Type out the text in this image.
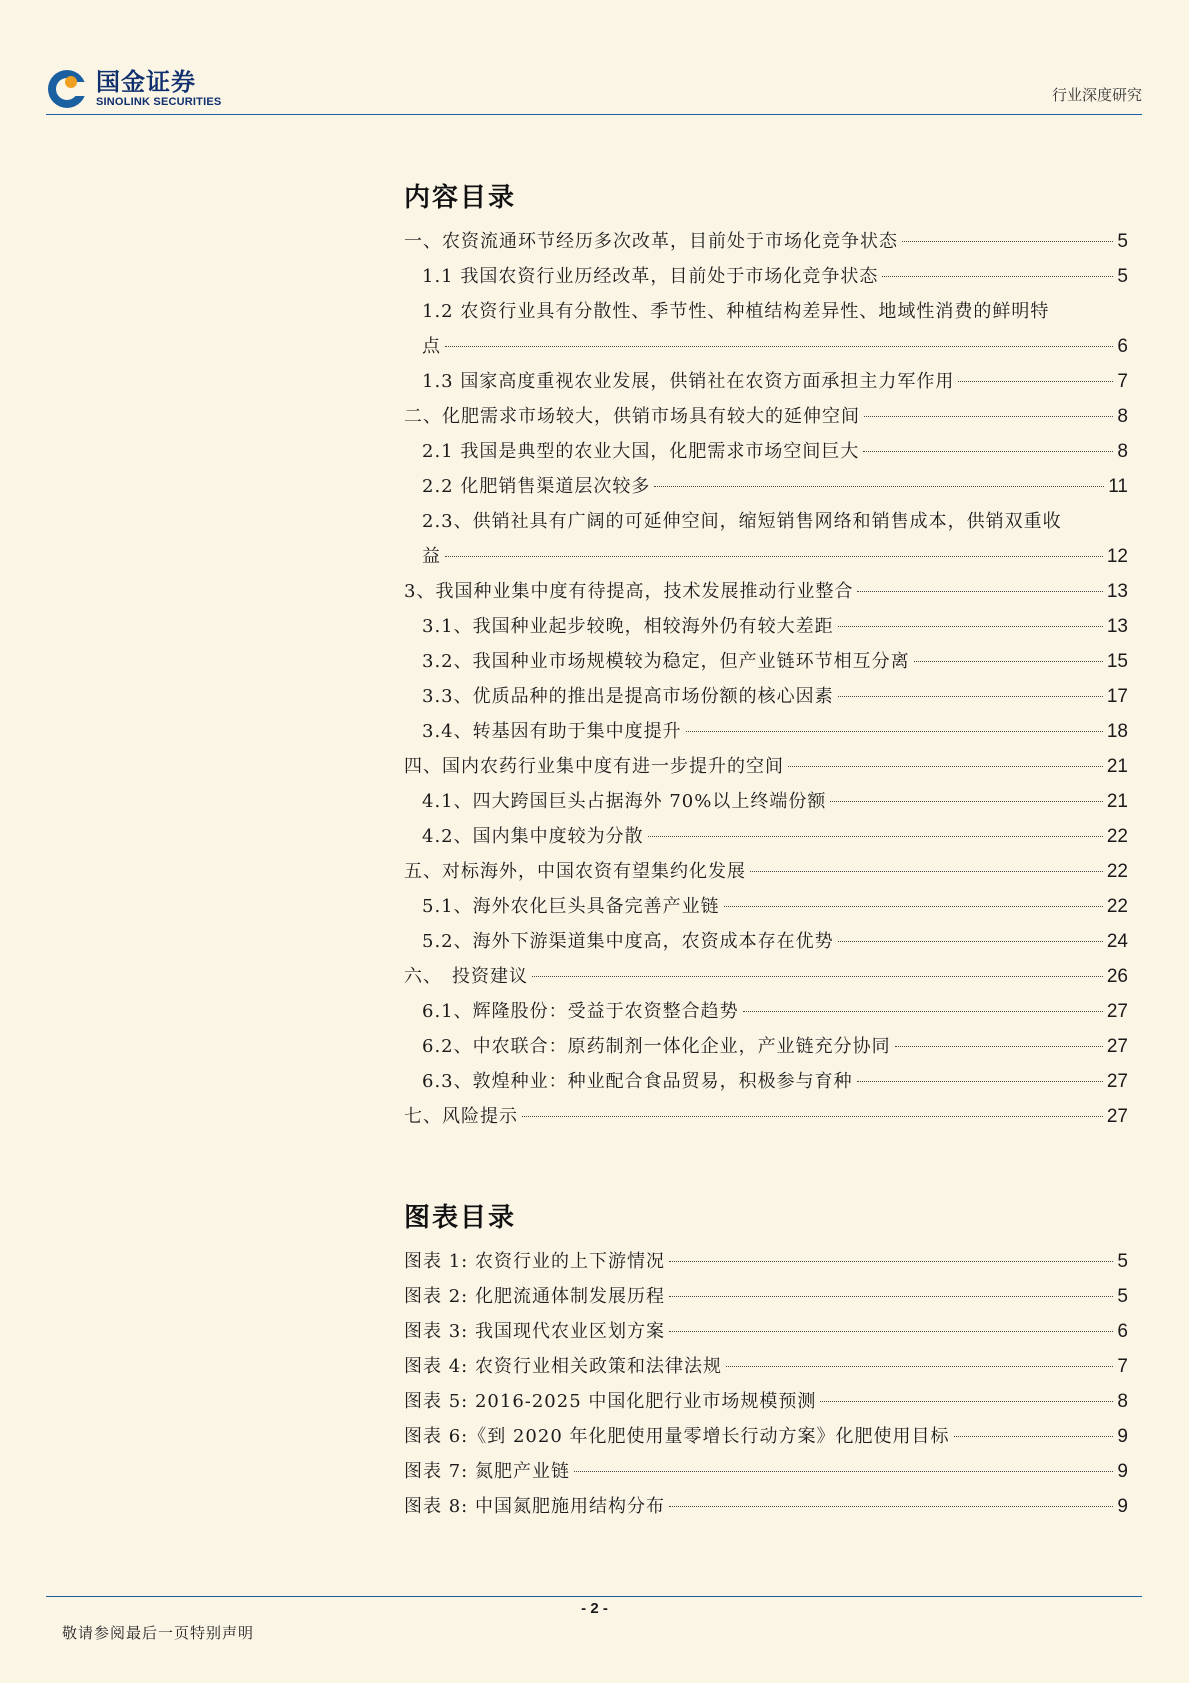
国金证券
SINOLINK SECURITIES	行业深度研究
内容目录
一、农资流通环节经历多次改革，目前处于市场化竞争状态	5
1.1 我国农资行业历经改革，目前处于市场化竞争状态	5
1.2 农资行业具有分散性、季节性、种植结构差异性、地域性消费的鲜明特
点	6
1.3 国家高度重视农业发展，供销社在农资方面承担主力军作用	7
二、化肥需求市场较大，供销市场具有较大的延伸空间	8
2.1 我国是典型的农业大国，化肥需求市场空间巨大	8
2.2 化肥销售渠道层次较多	11
2.3、供销社具有广阔的可延伸空间，缩短销售网络和销售成本，供销双重收
益	12
3、我国种业集中度有待提高，技术发展推动行业整合	13
3.1、我国种业起步较晚，相较海外仍有较大差距	13
3.2、我国种业市场规模较为稳定，但产业链环节相互分离	15
3.3、优质品种的推出是提高市场份额的核心因素	17
3.4、转基因有助于集中度提升	18
四、国内农药行业集中度有进一步提升的空间	21
4.1、四大跨国巨头占据海外 70%以上终端份额	21
4.2、国内集中度较为分散	22
五、对标海外，中国农资有望集约化发展	22
5.1、海外农化巨头具备完善产业链	22
5.2、海外下游渠道集中度高，农资成本存在优势	24
六、　投资建议	26
6.1、辉隆股份：受益于农资整合趋势	27
6.2、中农联合：原药制剂一体化企业，产业链充分协同	27
6.3、敦煌种业：种业配合食品贸易，积极参与育种	27
七、风险提示	27
图表目录
图表 1: 农资行业的上下游情况	5
图表 2: 化肥流通体制发展历程	5
图表 3: 我国现代农业区划方案	6
图表 4: 农资行业相关政策和法律法规	7
图表 5: 2016-2025 中国化肥行业市场规模预测	8
图表 6:《到 2020 年化肥使用量零增长行动方案》化肥使用目标	9
图表 7: 氮肥产业链	9
图表 8: 中国氮肥施用结构分布	9
- 2 -
敬请参阅最后一页特别声明
